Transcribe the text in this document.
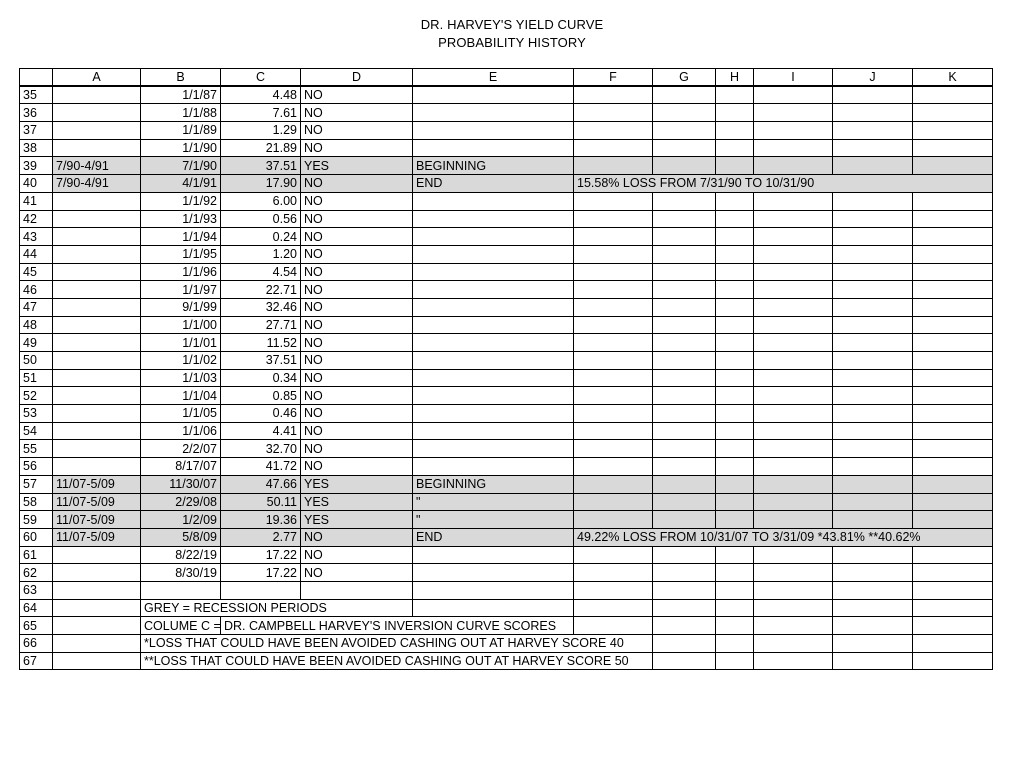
DR. HARVEY'S YIELD CURVE
PROBABILITY HISTORY
	A	B	C	D	E	F	G	H	I	J	K	
35		1/1/87	4.48	NO								
36		1/1/88	7.61	NO								
37		1/1/89	1.29	NO								
38		1/1/90	21.89	NO								
39	7/90-4/91	7/1/90	37.51	YES	BEGINNING							
40	7/90-4/91	4/1/91	17.90	NO	END	15.58% LOSS FROM 7/31/90 TO 10/31/90						
41		1/1/92	6.00	NO								
42		1/1/93	0.56	NO								
43		1/1/94	0.24	NO								
44		1/1/95	1.20	NO								
45		1/1/96	4.54	NO								
46		1/1/97	22.71	NO								
47		9/1/99	32.46	NO								
48		1/1/00	27.71	NO								
49		1/1/01	11.52	NO								
50		1/1/02	37.51	NO								
51		1/1/03	0.34	NO								
52		1/1/04	0.85	NO								
53		1/1/05	0.46	NO								
54		1/1/06	4.41	NO								
55		2/2/07	32.70	NO								
56		8/17/07	41.72	NO								
57	11/07-5/09	11/30/07	47.66	YES	BEGINNING							
58	11/07-5/09	2/29/08	50.11	YES	"							
59	11/07-5/09	1/2/09	19.36	YES	"							
60	11/07-5/09	5/8/09	2.77	NO	END	49.22% LOSS FROM 10/31/07 TO 3/31/09 *43.81% **40.62%						
61		8/22/19	17.22	NO								
62		8/30/19	17.22	NO								
63												
64		GREY = RECESSION PERIODS										
65		COLUME C =	DR. CAMPBELL HARVEY'S INVERSION CURVE SCORES									
66		*LOSS THAT COULD HAVE BEEN AVOIDED CASHING OUT AT HARVEY SCORE 40										
67		**LOSS THAT COULD HAVE BEEN AVOIDED CASHING OUT AT HARVEY SCORE 50										
